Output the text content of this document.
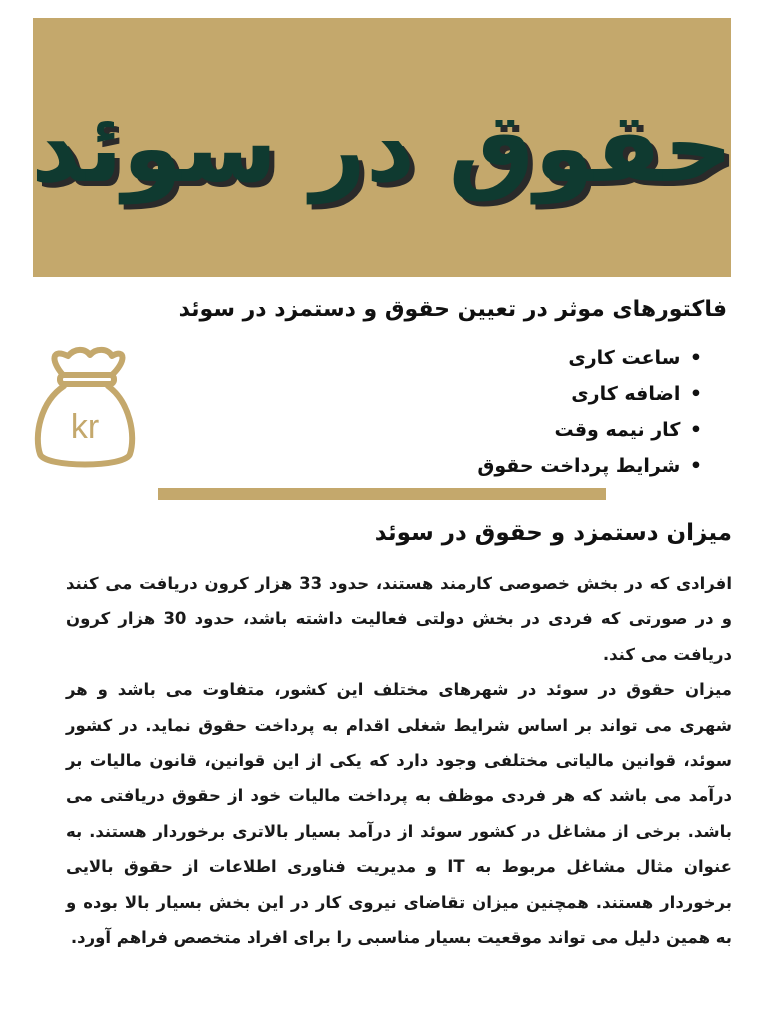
حقوق در سوئد
فاکتورهای موثر در تعیین حقوق و دستمزد در سوئد
• ساعت کاری
• اضافه کاری
• کار نیمه وقت
• شرایط پرداخت حقوق
kr
میزان دستمزد و حقوق در سوئد

افرادی که در بخش خصوصی کارمند هستند، حدود 33 هزار کرون دریافت می کنند و در صورتی که فردی در بخش دولتی فعالیت داشته باشد، حدود 30 هزار کرون دریافت می کند.

میزان حقوق در سوئد در شهرهای مختلف این کشور، متفاوت می باشد و هر شهری می تواند بر اساس شرایط شغلی اقدام به پرداخت حقوق نماید. در کشور سوئد، قوانین مالیاتی مختلفی وجود دارد که یکی از این قوانین، قانون مالیات بر درآمد می باشد که هر فردی موظف به پرداخت مالیات خود از حقوق دریافتی می باشد. برخی از مشاغل در کشور سوئد از درآمد بسیار بالاتری برخوردار هستند. به عنوان مثال مشاغل مربوط به IT و مدیریت فناوری اطلاعات از حقوق بالایی برخوردار هستند. همچنین میزان تقاضای نیروی کار در این بخش بسیار بالا بوده و به همین دلیل می تواند موقعیت بسیار مناسبی را برای افراد متخصص فراهم آورد.
